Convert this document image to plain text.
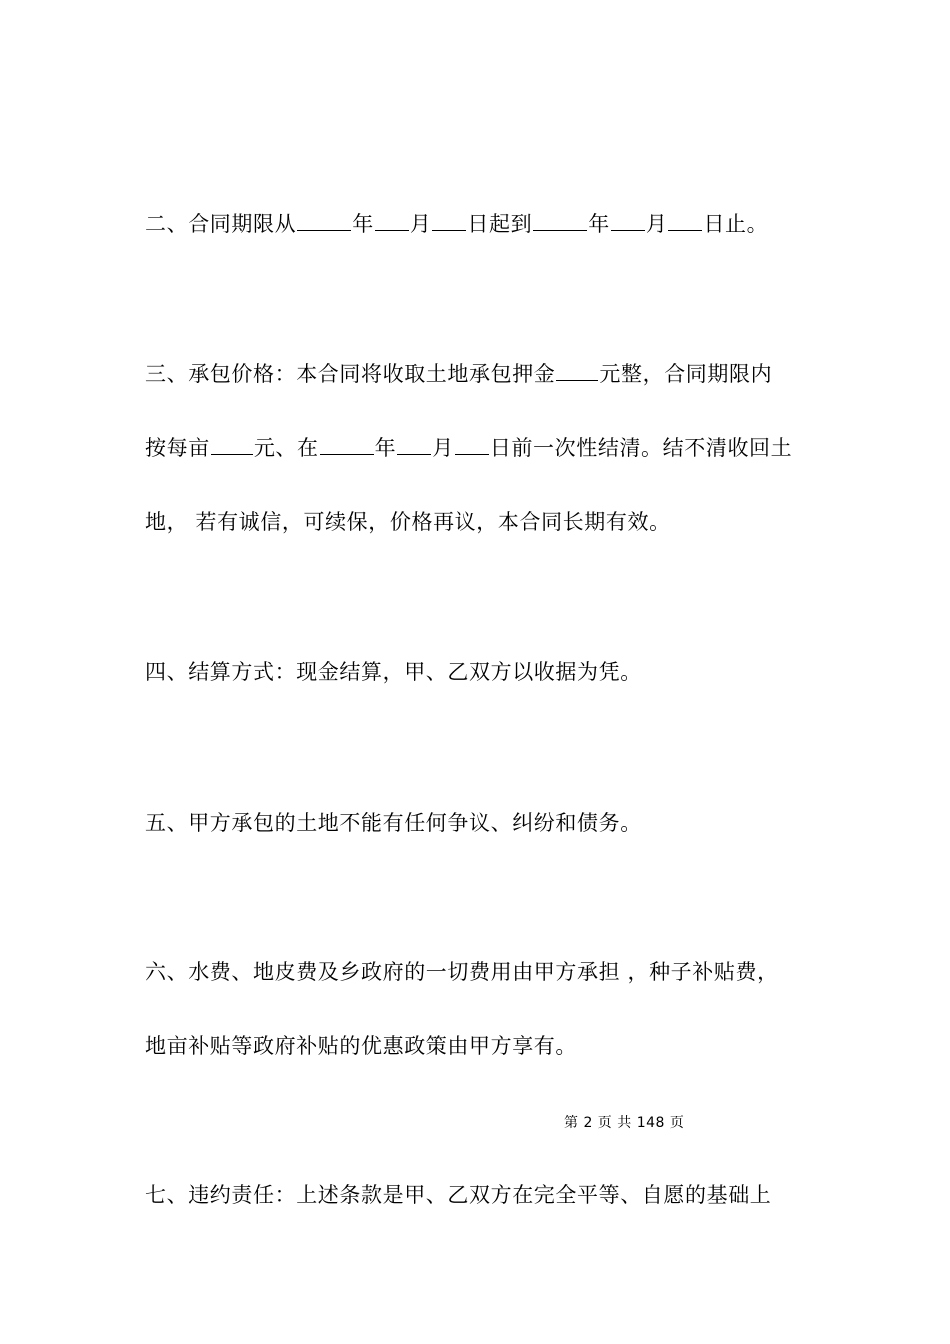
二、合同期限从	年 月 日起到	年 月 日止。
三、承包价格：本合同将收取土地承包押金 元整，合同期限内
按每亩 元、在	年 月 日前一次性结清。结不清收回土
地， 若有诚信，可续保，价格再议，本合同长期有效。
四、结算方式：现金结算，甲、乙双方以收据为凭。
五、甲方承包的土地不能有任何争议、纠纷和债务。
六、水费、地皮费及乡政府的一切费用由甲方承担 ，种子补贴费，
地亩补贴等政府补贴的优惠政策由甲方享有。
第 2 页 共 148 页
七、违约责任：上述条款是甲、乙双方在完全平等、自愿的基础上
